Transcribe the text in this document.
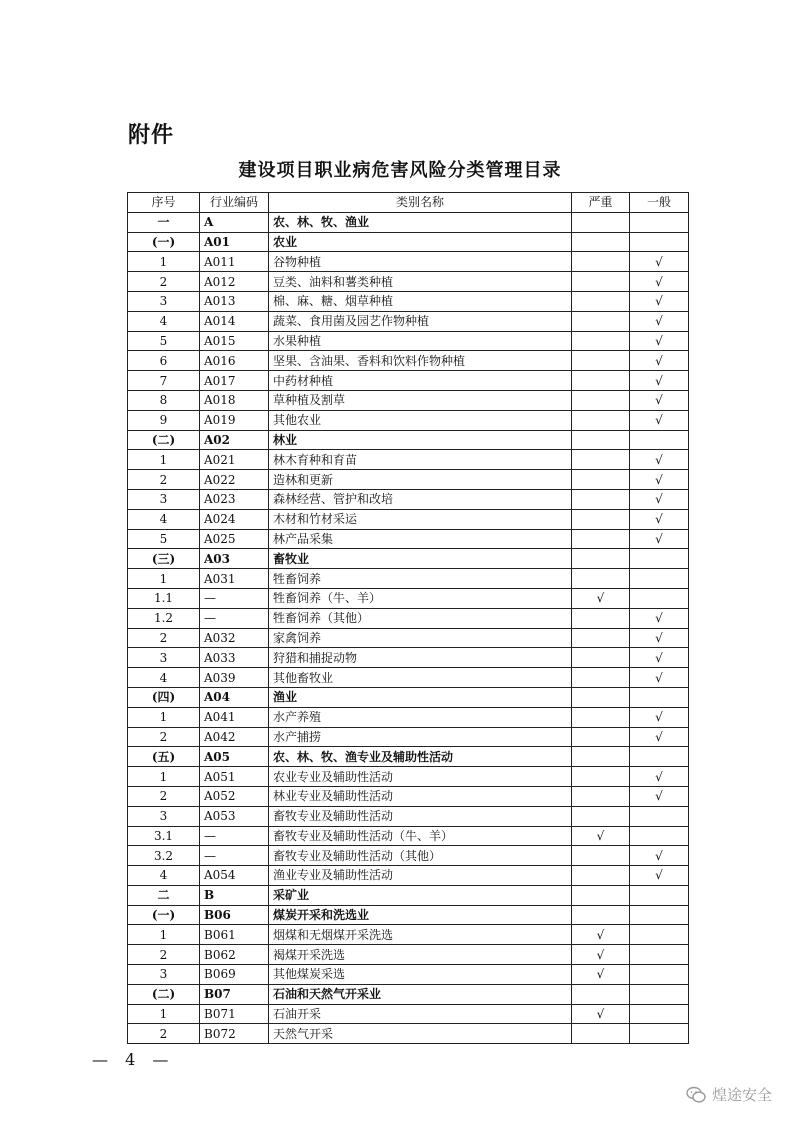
附件
建设项目职业病危害风险分类管理目录
序号	行业编码	类别名称	严重	一般
一	A	农、林、牧、渔业		
(一)	A01	农业		
1	A011	谷物种植		√
2	A012	豆类、油料和薯类种植		√
3	A013	棉、麻、糖、烟草种植		√
4	A014	蔬菜、食用菌及园艺作物种植		√
5	A015	水果种植		√
6	A016	坚果、含油果、香料和饮料作物种植		√
7	A017	中药材种植		√
8	A018	草种植及割草		√
9	A019	其他农业		√
(二)	A02	林业		
1	A021	林木育种和育苗		√
2	A022	造林和更新		√
3	A023	森林经营、管护和改培		√
4	A024	木材和竹材采运		√
5	A025	林产品采集		√
(三)	A03	畜牧业		
1	A031	牲畜饲养		
1.1	—	牲畜饲养（牛、羊）	√	
1.2	—	牲畜饲养（其他）		√
2	A032	家禽饲养		√
3	A033	狩猎和捕捉动物		√
4	A039	其他畜牧业		√
(四)	A04	渔业		
1	A041	水产养殖		√
2	A042	水产捕捞		√
(五)	A05	农、林、牧、渔专业及辅助性活动		
1	A051	农业专业及辅助性活动		√
2	A052	林业专业及辅助性活动		√
3	A053	畜牧专业及辅助性活动		
3.1	—	畜牧专业及辅助性活动（牛、羊）	√	
3.2	—	畜牧专业及辅助性活动（其他）		√
4	A054	渔业专业及辅助性活动		√
二	B	采矿业		
(一)	B06	煤炭开采和洗选业		
1	B061	烟煤和无烟煤开采洗选	√	
2	B062	褐煤开采洗选	√	
3	B069	其他煤炭采选	√	
(二)	B07	石油和天然气开采业		
1	B071	石油开采	√	
2	B072	天然气开采		
— 4 —
煌途安全
